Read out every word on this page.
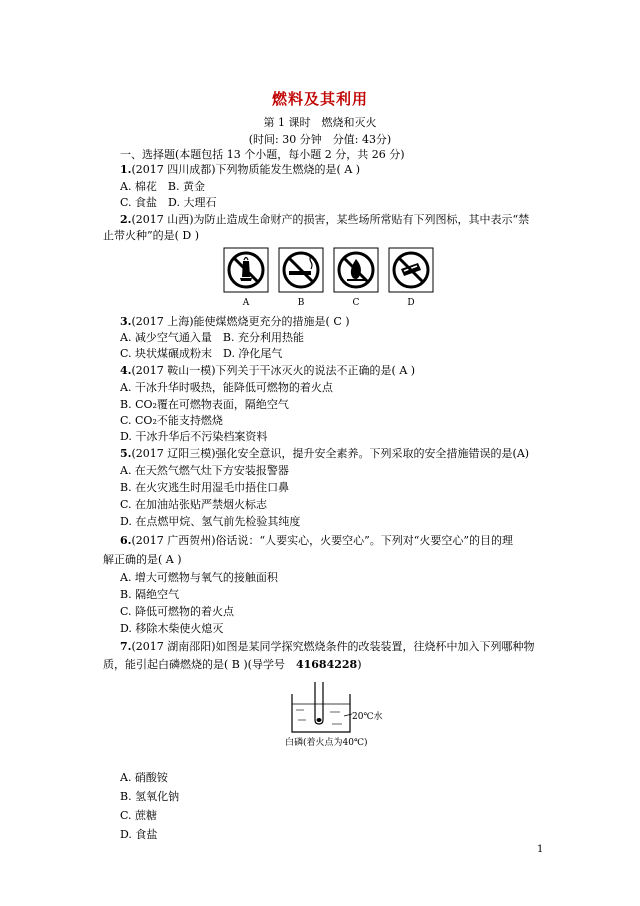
燃料及其利用
第 1 课时　燃烧和灭火
(时间: 30 分钟　分值: 43分)
一、选择题(本题包括 13 个小题，每小题 2 分，共 26 分)
1.(2017 四川成都)下列物质能发生燃烧的是( A )
A. 棉花　B. 黄金
C. 食盐　D. 大理石
2.(2017 山西)为防止造成生命财产的损害，某些场所常贴有下列图标，其中表示“禁
止带火种”的是( D )
A	B	C	D
3.(2017 上海)能使煤燃烧更充分的措施是( C )
A. 减少空气通入量　B. 充分利用热能
C. 块状煤碾成粉末　D. 净化尾气
4.(2017 鞍山一模)下列关于干冰灭火的说法不正确的是( A )
A. 干冰升华时吸热，能降低可燃物的着火点
B. CO₂覆在可燃物表面，隔绝空气
C. CO₂不能支持燃烧
D. 干冰升华后不污染档案资料
5.(2017 辽阳三模)强化安全意识，提升安全素养。下列采取的安全措施错误的是(A)
A. 在天然气燃气灶下方安装报警器
B. 在火灾逃生时用湿毛巾捂住口鼻
C. 在加油站张贴严禁烟火标志
D. 在点燃甲烷、氢气前先检验其纯度
6.(2017 广西贺州)俗话说：“人要实心，火要空心”。下列对“火要空心”的目的理
解正确的是( A )
A. 增大可燃物与氧气的接触面积
B. 隔绝空气
C. 降低可燃物的着火点
D. 移除木柴使火熄灭
7.(2017 湖南邵阳)如图是某同学探究燃烧条件的改装装置，往烧杯中加入下列哪种物
质，能引起白磷燃烧的是( B )(导学号　41684228)
20℃水
白磷(着火点为40℃)
A. 硝酸铵
B. 氢氧化钠
C. 蔗糖
D. 食盐
1
